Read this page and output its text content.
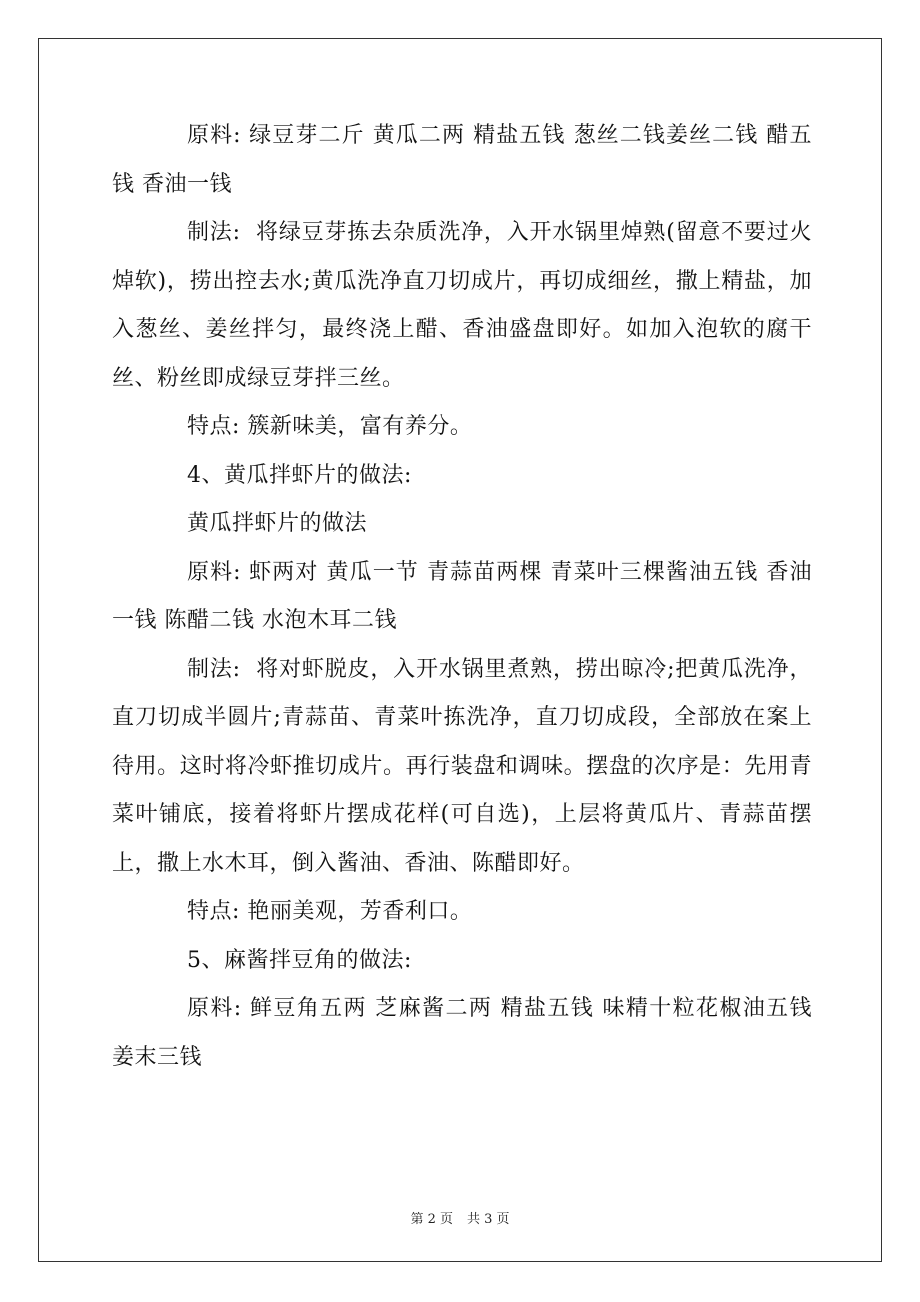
原料: 绿豆芽二斤 黄瓜二两 精盐五钱 葱丝二钱姜丝二钱 醋五钱 香油一钱

制法:  将绿豆芽拣去杂质洗净，入开水锅里焯熟(留意不要过火焯软)，捞出控去水;黄瓜洗净直刀切成片，再切成细丝，撒上精盐，加入葱丝、姜丝拌匀，最终浇上醋、香油盛盘即好。如加入泡软的腐干丝、粉丝即成绿豆芽拌三丝。

特点: 簇新味美，富有养分。

4、黄瓜拌虾片的做法:

黄瓜拌虾片的做法

原料: 虾两对 黄瓜一节 青蒜苗两棵 青菜叶三棵酱油五钱 香油一钱 陈醋二钱 水泡木耳二钱

制法:  将对虾脱皮，入开水锅里煮熟，捞出晾冷;把黄瓜洗净，直刀切成半圆片;青蒜苗、青菜叶拣洗净，直刀切成段，全部放在案上待用。这时将冷虾推切成片。再行装盘和调味。摆盘的次序是：先用青菜叶铺底，接着将虾片摆成花样(可自选)，上层将黄瓜片、青蒜苗摆上，撒上水木耳，倒入酱油、香油、陈醋即好。

特点: 艳丽美观，芳香利口。

5、麻酱拌豆角的做法:

原料: 鲜豆角五两 芝麻酱二两 精盐五钱 味精十粒花椒油五钱 姜末三钱

第 2 页 共 3 页
